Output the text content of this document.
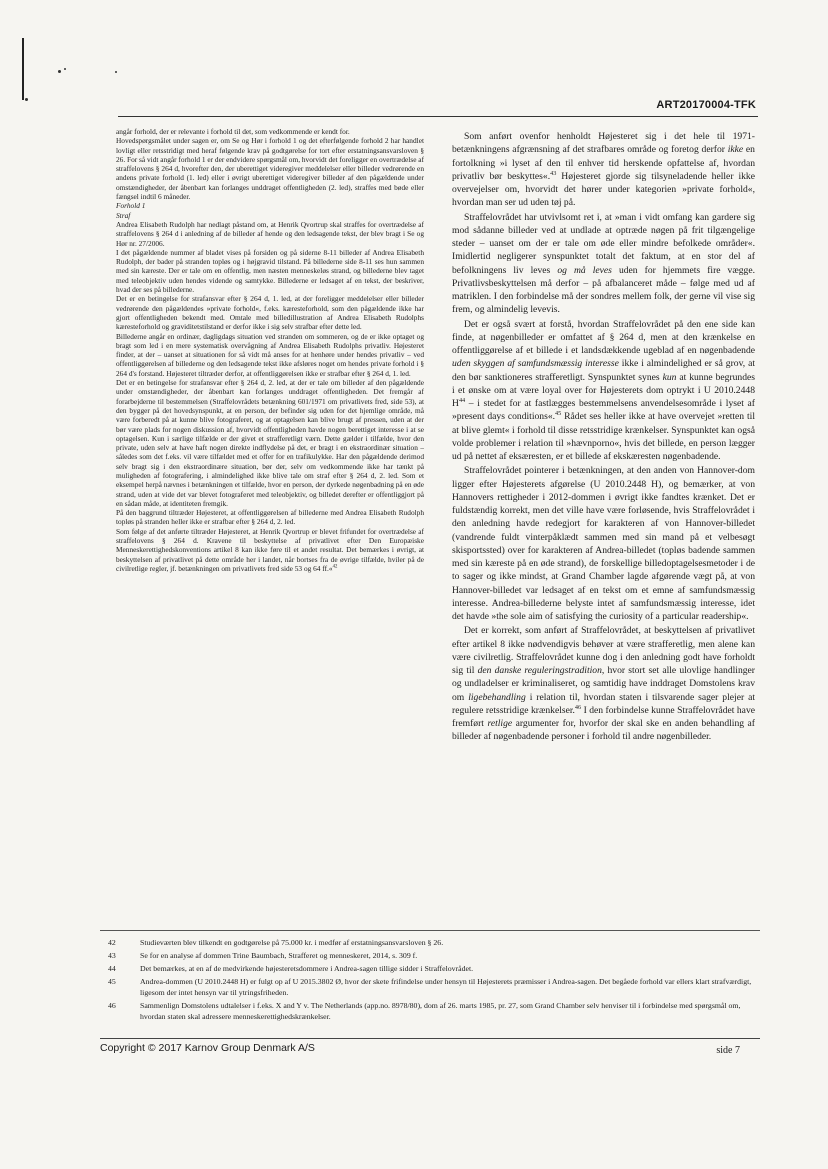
ART20170004-TFK

angår forhold, der er relevante i forhold til det, som vedkommende er kendt for.

Hovedspørgsmålet under sagen er, om Se og Hør i forhold 1 og det efterfølgende forhold 2 har handlet lovligt eller retsstridigt med heraf følgende krav på godtgørelse for tort efter erstatningsansvarsloven § 26. For så vidt angår forhold 1 er der endvidere spørgsmål om, hvorvidt det foreligger en overtrædelse af straffelovens § 264 d, hvorefter den, der uberettiget videregiver meddelelser eller billeder vedrørende en andens private forhold (1. led) eller i øvrigt uberettiget videregiver billeder af den pågældende under omstændigheder, der åbenbart kan forlanges unddraget offentligheden (2. led), straffes med bøde eller fængsel indtil 6 måneder.

Forhold 1

Straf

Andrea Elisabeth Rudolph har nedlagt påstand om, at Henrik Qvortrup skal straffes for overtrædelse af straffelovens § 264 d i anledning af de billeder af hende og den ledsagende tekst, der blev bragt i Se og Hør nr. 27/2006.

I det pågældende nummer af bladet vises på forsiden og på siderne 8-11 billeder af Andrea Elisabeth Rudolph, der bader på stranden topløs og i højgravid tilstand. På billederne side 8-11 ses hun sammen med sin kæreste. Der er tale om en offentlig, men næsten menneskeløs strand, og billederne blev taget med teleobjektiv uden hendes vidende og samtykke. Billederne er ledsaget af en tekst, der beskriver, hvad der ses på billederne.

Det er en betingelse for strafansvar efter § 264 d, 1. led, at der foreligger meddelelser eller billeder vedrørende den pågældendes »private forhold«, f.eks. kæresteforhold, som den pågældende ikke har gjort offentligheden bekendt med. Omtale med billedillustration af Andrea Elisabeth Rudolphs kæresteforhold og graviditetstilstand er derfor ikke i sig selv strafbar efter dette led.

Billederne angår en ordinær, dagligdags situation ved stranden om sommeren, og de er ikke optaget og bragt som led i en mere systematisk overvågning af Andrea Elisabeth Rudolphs privatliv. Højesteret finder, at der – uanset at situationen for så vidt må anses for at henhøre under hendes privatliv – ved offentliggørelsen af billederne og den ledsagende tekst ikke afsløres noget om hendes private forhold i § 264 d's forstand. Højesteret tiltræder derfor, at offentliggørelsen ikke er strafbar efter § 264 d, 1. led.

Det er en betingelse for strafansvar efter § 264 d, 2. led, at der er tale om billeder af den pågældende under omstændigheder, der åbenbart kan forlanges unddraget offentligheden. Det fremgår af forarbejderne til bestemmelsen (Straffelovrådets betænkning 601/1971 om privatlivets fred, side 53), at den bygger på det hovedsynspunkt, at en person, der befinder sig uden for det hjemlige område, må være forberedt på at kunne blive fotograferet, og at optagelsen kan blive brugt af pressen, uden at der bør være plads for nogen diskussion af, hvorvidt offentligheden havde nogen berettiget interesse i at se optagelsen. Kun i særlige tilfælde er der givet et strafferetligt værn. Dette gælder i tilfælde, hvor den private, uden selv at have haft nogen direkte indflydelse på det, er bragt i en ekstraordinær situation – således som det f.eks. vil være tilfældet med et offer for en trafikulykke. Har den pågældende derimod selv bragt sig i den ekstraordinære situation, bør der, selv om vedkommende ikke har tænkt på muligheden af fotografering, i almindelighed ikke blive tale om straf efter § 264 d, 2. led. Som et eksempel herpå nævnes i betænkningen et tilfælde, hvor en person, der dyrkede nøgenbadning på en øde strand, uden at vide det var blevet fotograferet med teleobjektiv, og billedet derefter er offentliggjort på en sådan måde, at identiteten fremgik.

På den baggrund tiltræder Højesteret, at offentliggørelsen af billederne med Andrea Elisabeth Rudolph topløs på stranden heller ikke er strafbar efter § 264 d, 2. led.

Som følge af det anførte tiltræder Højesteret, at Henrik Qvortrup er blevet frifundet for overtrædelse af straffelovens § 264 d. Kravene til beskyttelse af privatlivet efter Den Europæiske Menneskerettighedskonventions artikel 8 kan ikke føre til et andet resultat. Det bemærkes i øvrigt, at beskyttelsen af privatlivet på dette område her i landet, når bortses fra de øvrige tilfælde, hviler på de civilretlige regler, jf. betænkningen om privatlivets fred side 53 og 64 ff.«$^{42}$

Som anført ovenfor henholdt Højesteret sig i det hele til 1971-betænkningens afgrænsning af det strafbares område og foretog derfor ikke en fortolkning »i lyset af den til enhver tid herskende opfattelse af, hvordan privatliv bør beskyttes«.$^{43}$ Højesteret gjorde sig tilsyneladende heller ikke overvejelser om, hvorvidt det hører under kategorien »private forhold«, hvordan man ser ud uden tøj på.

Straffelovrådet har utvivlsomt ret i, at »man i vidt omfang kan gardere sig mod sådanne billeder ved at undlade at optræde nøgen på frit tilgængelige steder – uanset om der er tale om øde eller mindre befolkede områder«. Imidlertid negligerer synspunktet totalt det faktum, at en stor del af befolkningens liv leves og må leves uden for hjemmets fire vægge. Privatlivsbeskyttelsen må derfor – på afbalanceret måde – følge med ud af matriklen. I den forbindelse må der sondres mellem folk, der gerne vil vise sig frem, og almindelig levevis.

Det er også svært at forstå, hvordan Straffelovrådet på den ene side kan finde, at nøgenbilleder er omfattet af § 264 d, men at den krænkelse en offentliggørelse af et billede i et landsdækkende ugeblad af en nøgenbadende uden skyggen af samfundsmæssig interesse ikke i almindelighed er så grov, at den bør sanktioneres strafferetligt. Synspunktet synes kun at kunne begrundes i et ønske om at være loyal over for Højesterets dom optrykt i U 2010.2448 $H^{44}$ – i stedet for at fastlægges bestemmelsens anvendelsesområde i lyset af »present days conditions«.$^{45}$ Rådet ses heller ikke at have overvejet »retten til at blive glemt« i forhold til disse retsstridige krænkelser. Synspunktet kan også volde problemer i relation til »hævnporno«, hvis det billede, en person lægger ud på nettet af eksæresten, er et billede af ekskæresten nøgenbadende.

Straffelovrådet pointerer i betænkningen, at den anden von Hannover-dom ligger efter Højesterets afgørelse (U 2010.2448 H), og bemærker, at von Hannovers rettigheder i 2012-dommen i øvrigt ikke fandtes krænket. Det er fuldstændig korrekt, men det ville have være forløsende, hvis Straffelovrådet i den anledning havde redegjort for karakteren af von Hannover-billedet (vandrende fuldt vinterpåklædt sammen med sin mand på et velbesøgt skisportssted) over for karakteren af Andrea-billedet (topløs badende sammen med sin kæreste på en øde strand), de forskellige billedoptagelsesmetoder i de to sager og ikke mindst, at Grand Chamber lagde afgørende vægt på, at von Hannover-billedet var ledsaget af en tekst om et emne af samfundsmæssig interesse. Andrea-billederne belyste intet af samfundsmæssig interesse, idet det havde »the sole aim of satisfying the curiosity of a particular readership«.

Det er korrekt, som anført af Straffelovrådet, at beskyttelsen af privatlivet efter artikel 8 ikke nødvendigvis behøver at være strafferetlig, men alene kan være civilretlig. Straffelovrådet kunne dog i den anledning godt have forholdt sig til den danske reguleringstradition, hvor stort set alle ulovlige handlinger og undladelser er kriminaliseret, og samtidig have inddraget Domstolens krav om ligebehandling i relation til, hvordan staten i tilsvarende sager plejer at regulere retsstridige krænkelser.$^{46}$ I den forbindelse kunne Straffelovrådet have fremført retlige argumenter for, hvorfor der skal ske en anden behandling af billeder af nøgenbadende personer i forhold til andre nøgenbilleder.

42	Studieværten blev tilkendt en godtgørelse på 75.000 kr. i medfør af erstatningsansvarsloven § 26.
43	Se for en analyse af dommen Trine Baumbach, Strafferet og menneskeret, 2014, s. 309 f.
44	Det bemærkes, at en af de medvirkende højesteretsdommere i Andrea-sagen tillige sidder i Straffelovrådet.
45	Andrea-dommen (U 2010.2448 H) er fulgt op af U 2015.3802 Ø, hvor der skete frifindelse under hensyn til Højesterets præmisser i Andrea-sagen. Det begåede forhold var ellers klart strafværdigt, ligesom der intet hensyn var til ytringsfriheden.
46	Sammenlign Domstolens udtalelser i f.eks. X and Y v. The Netherlands (app.no. 8978/80), dom af 26. marts 1985, pr. 27, som Grand Chamber selv henviser til i forbindelse med spørgsmål om, hvordan staten skal adressere menneskerettighedskrænkelser.
Copyright © 2017 Karnov Group Denmark A/S	side 7
